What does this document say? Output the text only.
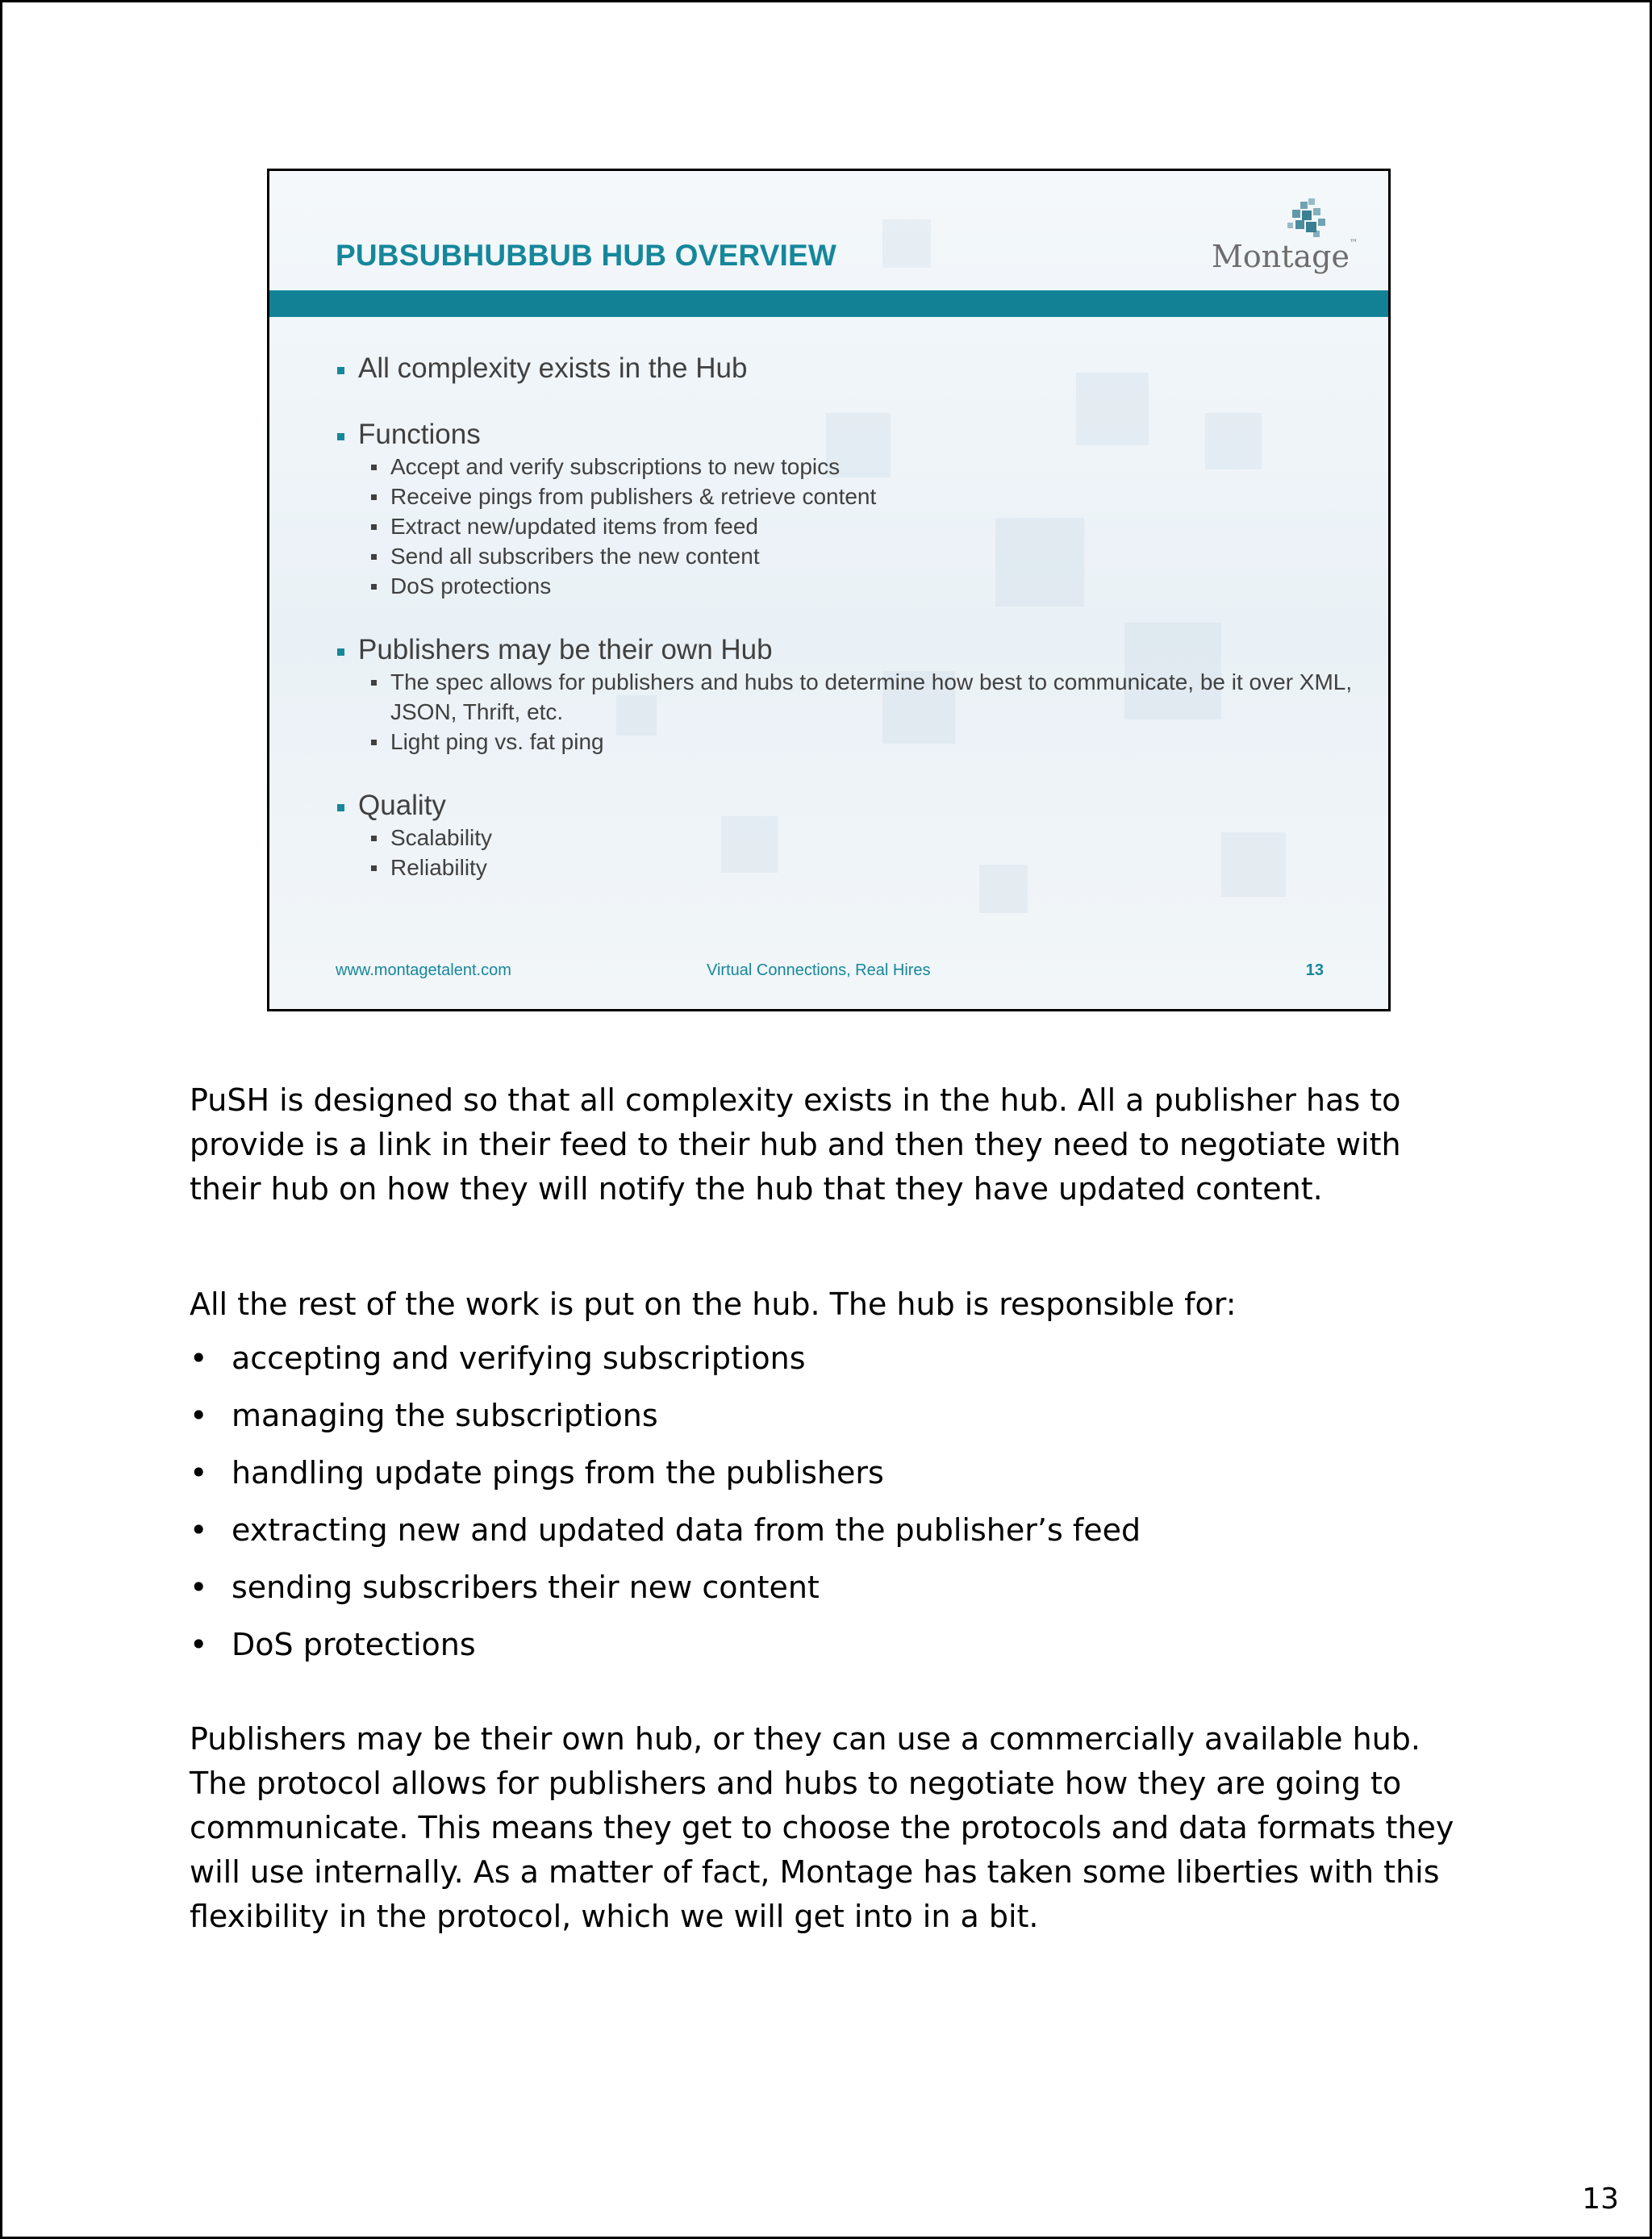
PUBSUBHUBBUB HUB OVERVIEW	Montage™
All complexity exists in the Hub
Functions
Accept and verify subscriptions to new topics
Receive pings from publishers & retrieve content
Extract new/updated items from feed
Send all subscribers the new content
DoS protections
Publishers may be their own Hub
The spec allows for publishers and hubs to determine how best to communicate, be it over XML, JSON, Thrift, etc.
Light ping vs. fat ping
Quality
Scalability
Reliability
www.montagetalent.com	Virtual Connections, Real Hires	13

PuSH is designed so that all complexity exists in the hub. All a publisher has to provide is a link in their feed to their hub and then they need to negotiate with their hub on how they will notify the hub that they have updated content.

All the rest of the work is put on the hub. The hub is responsible for:

• accepting and verifying subscriptions
• managing the subscriptions
• handling update pings from the publishers
• extracting new and updated data from the publisher’s feed
• sending subscribers their new content
• DoS protections

Publishers may be their own hub, or they can use a commercially available hub. The protocol allows for publishers and hubs to negotiate how they are going to communicate. This means they get to choose the protocols and data formats they will use internally. As a matter of fact, Montage has taken some liberties with this flexibility in the protocol, which we will get into in a bit.

13
